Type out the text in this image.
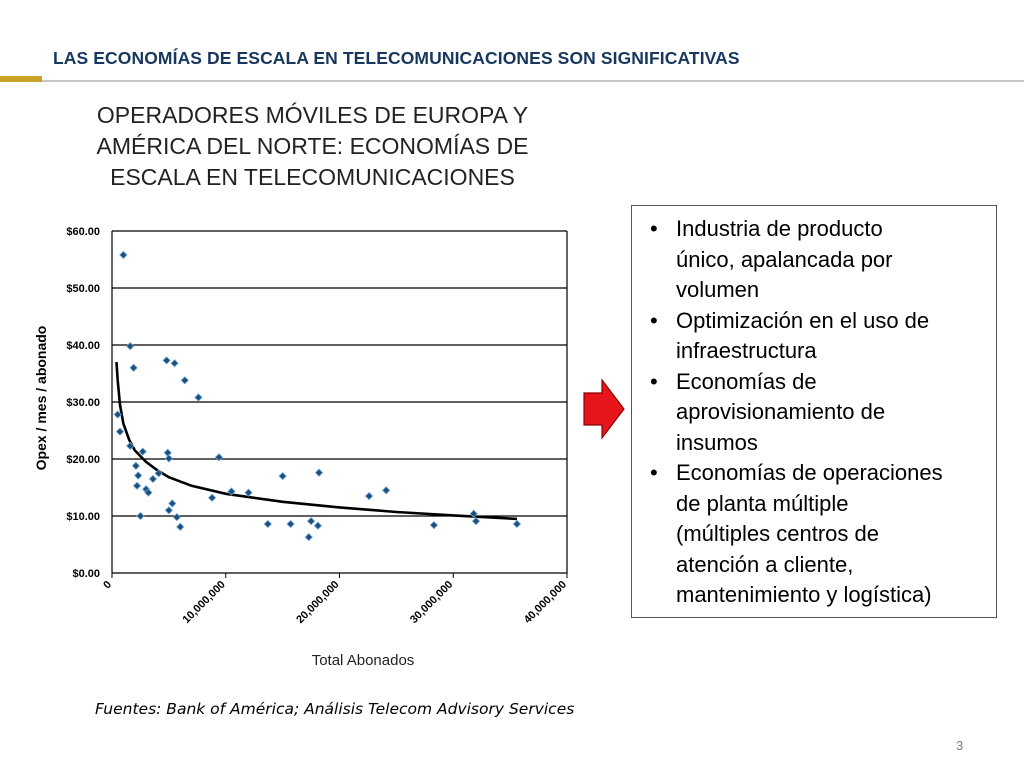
LAS ECONOMÍAS DE ESCALA EN TELECOMUNICACIONES SON SIGNIFICATIVAS
OPERADORES MÓVILES DE EUROPA Y
AMÉRICA DEL NORTE: ECONOMÍAS DE
ESCALA EN TELECOMUNICACIONES
$0.00
$10.00
$20.00
$30.00
$40.00
$50.00
$60.00
0	10,000,000	20,000,000	30,000,000	40,000,000
Total Abonados
Opex / mes / abonado
• Industria de producto
único, apalancada por
volumen
• Optimización en el uso de
infraestructura
• Economías de
aprovisionamiento de
insumos
• Economías de operaciones
de planta múltiple
(múltiples centros de
atención a cliente,
mantenimiento y logística)
Fuentes: Bank of América; Análisis Telecom Advisory Services
3
